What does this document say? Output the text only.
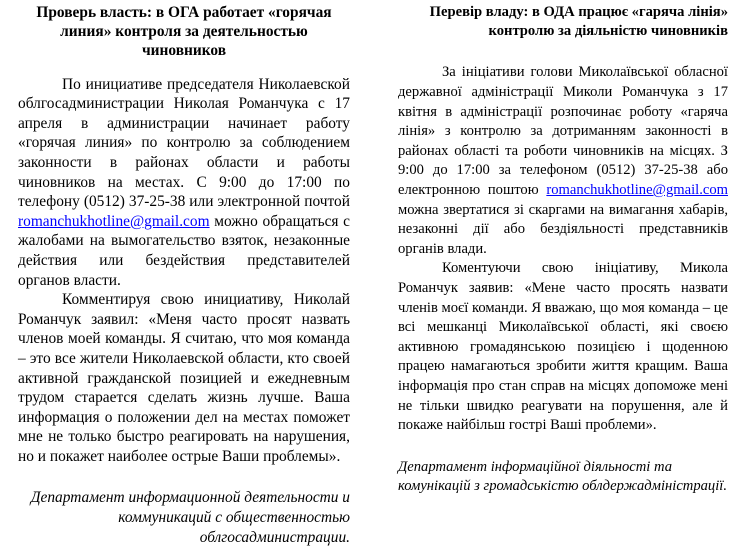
Проверь власть: в ОГА работает «горячая линия» контроля за деятельностью чиновников

По инициативе председателя Николаевской облгосадминистрации Николая Романчука с 17 апреля в администрации начинает работу «горячая линия» по контролю за соблюдением законности в районах области и работы чиновников на местах. С 9:00 до 17:00 по телефону (0512) 37-25-38 или электронной почтой romanchukhotline@gmail.com можно обращаться с жалобами на вымогательство взяток, незаконные действия или бездействия представителей органов власти.

Комментируя свою инициативу, Николай Романчук заявил: «Меня часто просят назвать членов моей команды. Я считаю, что моя команда – это все жители Николаевской области, кто своей активной гражданской позицией и ежедневным трудом старается сделать жизнь лучше. Ваша информация о положении дел на местах поможет мне не только быстро реагировать на нарушения, но и покажет наиболее острые Ваши проблемы».

Департамент информационной деятельности и коммуникаций с общественностью облгосадминистрации.

Перевір владу: в ОДА працює «гаряча лінія» контролю за діяльністю чиновників

За ініціативи голови Миколаївської обласної державної адміністрації Миколи Романчука з 17 квітня в адміністрації розпочинає роботу «гаряча лінія» з контролю за дотриманням законності в районах області та роботи чиновників на місцях. З 9:00 до 17:00 за телефоном (0512) 37-25-38 або електронною поштою romanchukhotline@gmail.com можна звертатися зі скаргами на вимагання хабарів, незаконні дії або бездіяльності представників органів влади.

Коментуючи свою ініціативу, Микола Романчук заявив: «Мене часто просять назвати членів моєї команди. Я вважаю, що моя команда – це всі мешканці Миколаївської області, які своєю активною громадянською позицією і щоденною працею намагаються зробити життя кращим. Ваша інформація про стан справ на місцях допоможе мені не тільки швидко реагувати на порушення, але й покаже найбільш гострі Ваші проблеми».

Департамент інформаційної діяльності та комунікацій з громадськістю облдержадміністрації.
